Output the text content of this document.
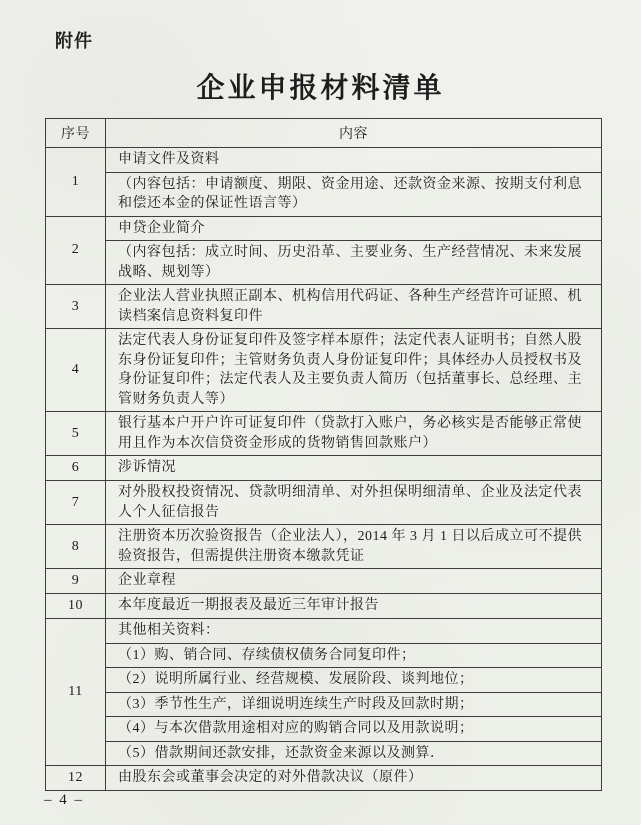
附件
企业申报材料清单
序号	内容
1	申请文件及资料
	（内容包括：申请额度、期限、资金用途、还款资金来源、按期支付利息和偿还本金的保证性语言等）
2	申贷企业简介
	（内容包括：成立时间、历史沿革、主要业务、生产经营情况、未来发展战略、规划等）
3	企业法人营业执照正副本、机构信用代码证、各种生产经营许可证照、机读档案信息资料复印件
4	法定代表人身份证复印件及签字样本原件；法定代表人证明书；自然人股东身份证复印件；主管财务负责人身份证复印件；具体经办人员授权书及身份证复印件；法定代表人及主要负责人简历（包括董事长、总经理、主管财务负责人等）
5	银行基本户开户许可证复印件（贷款打入账户，务必核实是否能够正常使用且作为本次信贷资金形成的货物销售回款账户）
6	涉诉情况
7	对外股权投资情况、贷款明细清单、对外担保明细清单、企业及法定代表人个人征信报告
8	注册资本历次验资报告（企业法人），2014 年 3 月 1 日以后成立可不提供验资报告，但需提供注册资本缴款凭证
9	企业章程
10	本年度最近一期报表及最近三年审计报告
11	其他相关资料：
	（1）购、销合同、存续债权债务合同复印件；
	（2）说明所属行业、经营规模、发展阶段、谈判地位；
	（3）季节性生产，详细说明连续生产时段及回款时期；
	（4）与本次借款用途相对应的购销合同以及用款说明；
	（5）借款期间还款安排，还款资金来源以及测算．
12	由股东会或董事会决定的对外借款决议（原件）
– 4 –
